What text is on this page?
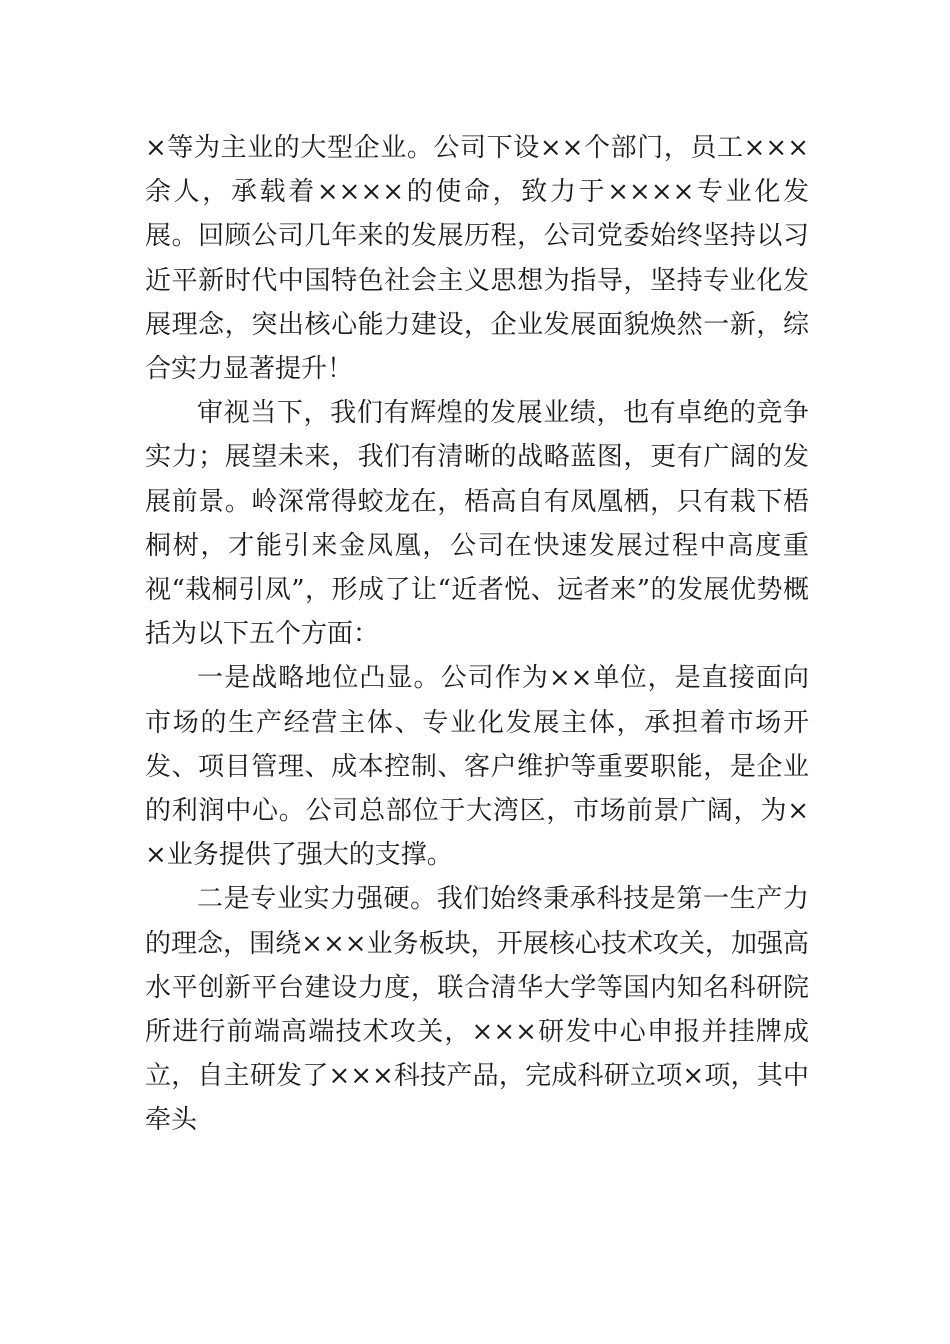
×等为主业的大型企业。公司下设××个部门，员工×××余人，承载着××××的使命，致力于××××专业化发展。回顾公司几年来的发展历程，公司党委始终坚持以习近平新时代中国特色社会主义思想为指导，坚持专业化发展理念，突出核心能力建设，企业发展面貌焕然一新，综合实力显著提升！

审视当下，我们有辉煌的发展业绩，也有卓绝的竞争实力；展望未来，我们有清晰的战略蓝图，更有广阔的发展前景。岭深常得蛟龙在，梧高自有凤凰栖，只有栽下梧桐树，才能引来金凤凰，公司在快速发展过程中高度重视“栽桐引凤”，形成了让“近者悦、远者来”的发展优势概括为以下五个方面：

一是战略地位凸显。公司作为××单位，是直接面向市场的生产经营主体、专业化发展主体，承担着市场开发、项目管理、成本控制、客户维护等重要职能，是企业的利润中心。公司总部位于大湾区，市场前景广阔，为××业务提供了强大的支撑。

二是专业实力强硬。我们始终秉承科技是第一生产力的理念，围绕×××业务板块，开展核心技术攻关，加强高水平创新平台建设力度，联合清华大学等国内知名科研院所进行前端高端技术攻关，×××研发中心申报并挂牌成立，自主研发了×××科技产品，完成科研立项×项，其中牵头
